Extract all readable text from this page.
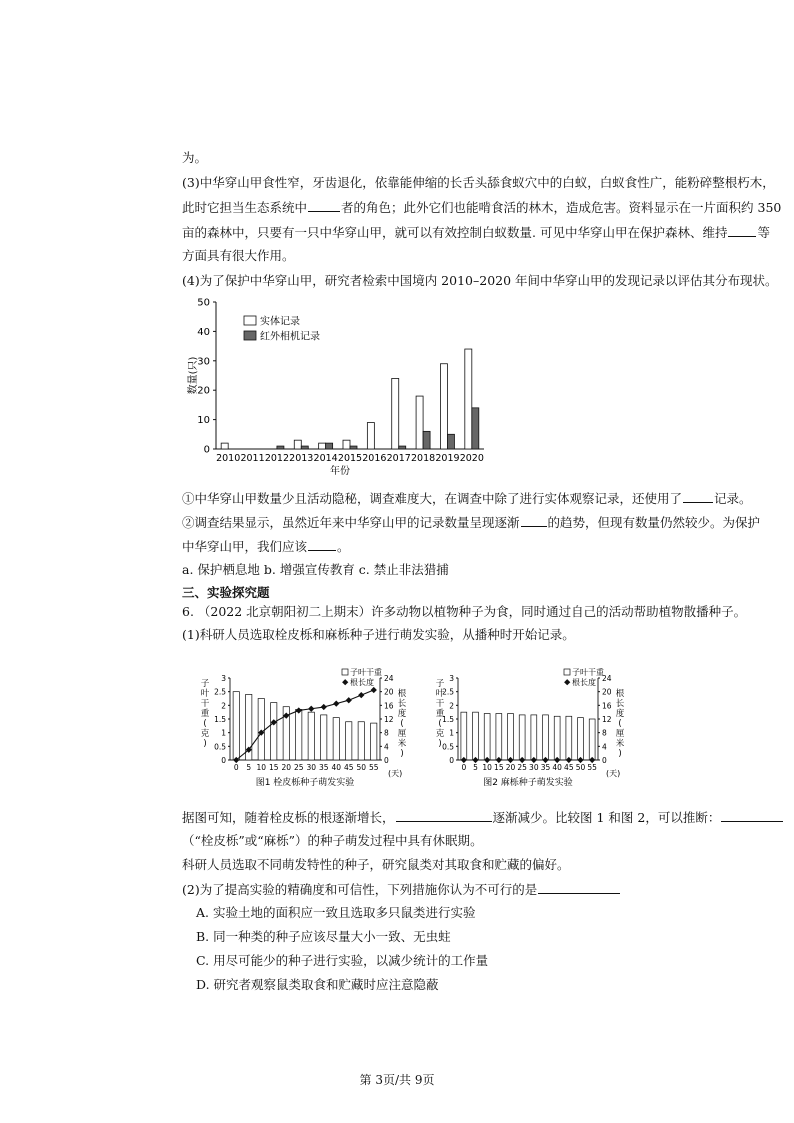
为。
(3)中华穿山甲食性窄，牙齿退化，依靠能伸缩的长舌头舔食蚁穴中的白蚁，白蚁食性广，能粉碎整根朽木，
此时它担当生态系统中	者的角色；此外它们也能啃食活的林木，造成危害。资料显示在一片面积约 350
亩的森林中，只要有一只中华穿山甲，就可以有效控制白蚁数量. 可见中华穿山甲在保护森林、维持 等
方面具有很大作用。
(4)为了保护中华穿山甲，研究者检索中国境内 2010–2020 年间中华穿山甲的发现记录以评估其分布现状。
0
10
20
30
40
50
2010 2011 2012 2013 2014 2015 2016 2017 2018 2019 2020
年份
数量(只)
实体记录
红外相机记录
①中华穿山甲数量少且活动隐秘，调查难度大，在调查中除了进行实体观察记录，还使用了	记录。
②调查结果显示，虽然近年来中华穿山甲的记录数量呈现逐渐 的趋势，但现有数量仍然较少。为保护
中华穿山甲，我们应该 。
a. 保护栖息地 b. 增强宣传教育 c. 禁止非法猎捕
三、实验探究题
6. （2022 北京朝阳初二上期末）许多动物以植物种子为食，同时通过自己的活动帮助植物散播种子。
(1)科研人员选取栓皮栎和麻栎种子进行萌发实验，从播种时开始记录。
0
0.5
1
1.5
2
2.5
3
0
4
8
12
16
20
24
0 5 10 15 20 25 30 35 40 45 50 55
(天)
图1 栓皮栎种子萌发实验
子
叶
干
重
(
克
)
根
长
度
(
厘
米
)
子叶干重
根长度
0
0.5
1
1.5
2
2.5
3
0
4
8
12
16
20
24
0 5 10 15 20 25 30 35 40 45 50 55
(天)
图2 麻栎种子萌发实验
子
叶
干
重
(
克
)
根
长
度
(
厘
米
)
子叶干重
根长度
据图可知，随着栓皮栎的根逐渐增长，	逐渐减少。比较图 1 和图 2，可以推断：
（“栓皮栎”或“麻栎”）的种子萌发过程中具有休眠期。
科研人员选取不同萌发特性的种子，研究鼠类对其取食和贮藏的偏好。
(2)为了提高实验的精确度和可信性，下列措施你认为不可行的是
A. 实验土地的面积应一致且选取多只鼠类进行实验
B. 同一种类的种子应该尽量大小一致、无虫蛀
C. 用尽可能少的种子进行实验，以减少统计的工作量
D. 研究者观察鼠类取食和贮藏时应注意隐蔽
第 3页/共 9页
